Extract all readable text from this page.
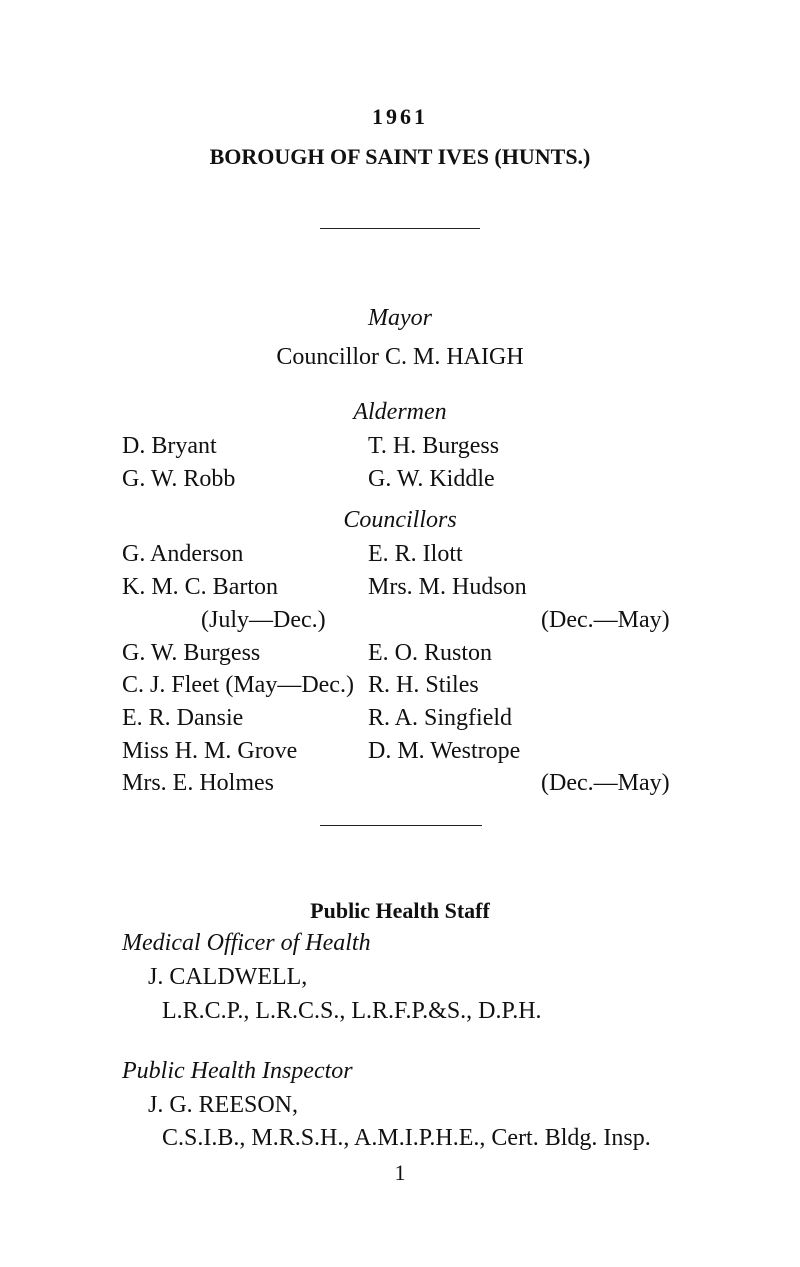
1961
BOROUGH OF SAINT IVES (HUNTS.)
Mayor
Councillor C. M. HAIGH
Aldermen
D. Bryant
G. W. Robb
T. H. Burgess
G. W. Kiddle
Councillors
G. Anderson
K. M. C. Barton
(July—Dec.)
G. W. Burgess
C. J. Fleet (May—Dec.)
E. R. Dansie
Miss H. M. Grove
Mrs. E. Holmes
E. R. Ilott
Mrs. M. Hudson
(Dec.—May)
E. O. Ruston
R. H. Stiles
R. A. Singfield
D. M. Westrope
(Dec.—May)
Public Health Staff
Medical Officer of Health
J. CALDWELL,
L.R.C.P., L.R.C.S., L.R.F.P.&S., D.P.H.
Public Health Inspector
J. G. REESON,
C.S.I.B., M.R.S.H., A.M.I.P.H.E., Cert. Bldg. Insp.
1
